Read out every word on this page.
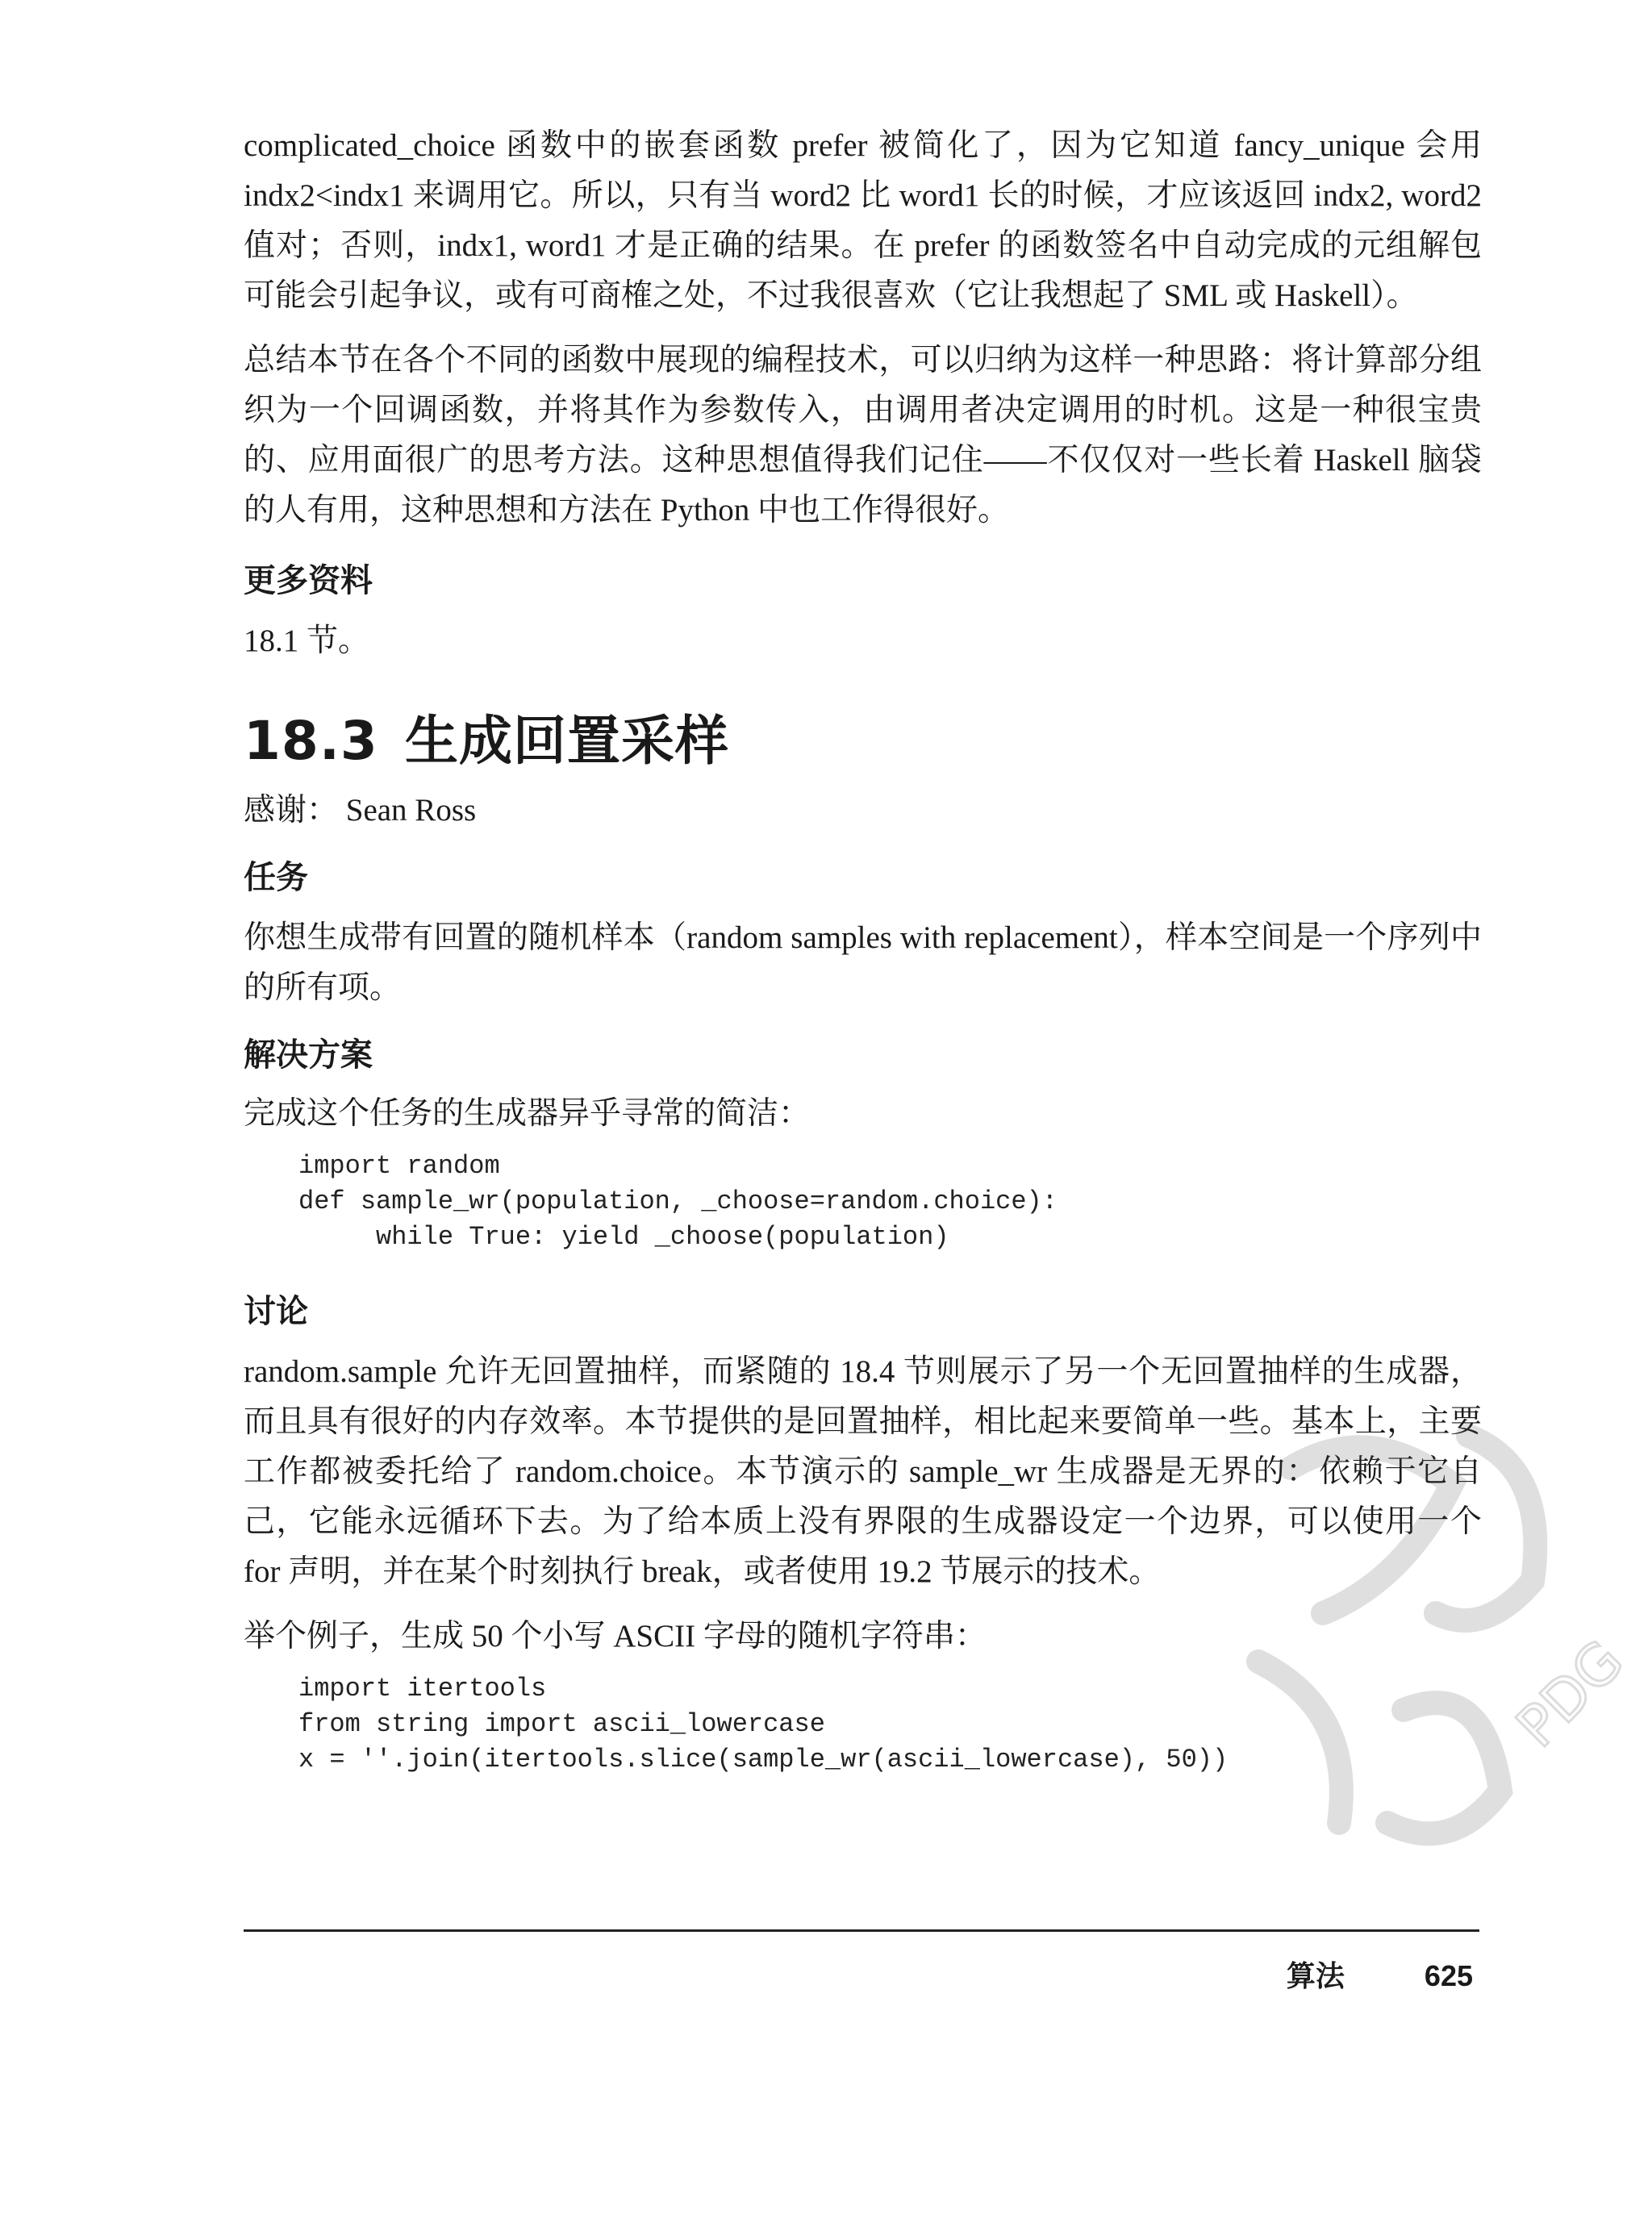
complicated_choice 函数中的嵌套函数 prefer 被简化了，因为它知道 fancy_unique 会用 indx2<indx1 来调用它。所以，只有当 word2 比 word1 长的时候，才应该返回 indx2, word2 值对；否则，indx1, word1 才是正确的结果。在 prefer 的函数签名中自动完成的元组解包可能会引起争议，或有可商榷之处，不过我很喜欢（它让我想起了 SML 或 Haskell）。

总结本节在各个不同的函数中展现的编程技术，可以归纳为这样一种思路：将计算部分组织为一个回调函数，并将其作为参数传入，由调用者决定调用的时机。这是一种很宝贵的、应用面很广的思考方法。这种思想值得我们记住——不仅仅对一些长着 Haskell 脑袋的人有用，这种思想和方法在 Python 中也工作得很好。

更多资料

18.1 节。

18.3 生成回置采样

感谢： Sean Ross

任务

你想生成带有回置的随机样本（random samples with replacement），样本空间是一个序列中的所有项。

解决方案

完成这个任务的生成器异乎寻常的简洁：

import random
def sample_wr(population, _choose=random.choice):
while True: yield _choose(population)
讨论

random.sample 允许无回置抽样，而紧随的 18.4 节则展示了另一个无回置抽样的生成器，而且具有很好的内存效率。本节提供的是回置抽样，相比起来要简单一些。基本上，主要工作都被委托给了 random.choice。本节演示的 sample_wr 生成器是无界的：依赖于它自己，它能永远循环下去。为了给本质上没有界限的生成器设定一个边界，可以使用一个 for 声明，并在某个时刻执行 break，或者使用 19.2 节展示的技术。

举个例子，生成 50 个小写 ASCII 字母的随机字符串：

import itertools
from string import ascii_lowercase
x = ''.join(itertools.slice(sample_wr(ascii_lowercase), 50))
算法	625
PDG
